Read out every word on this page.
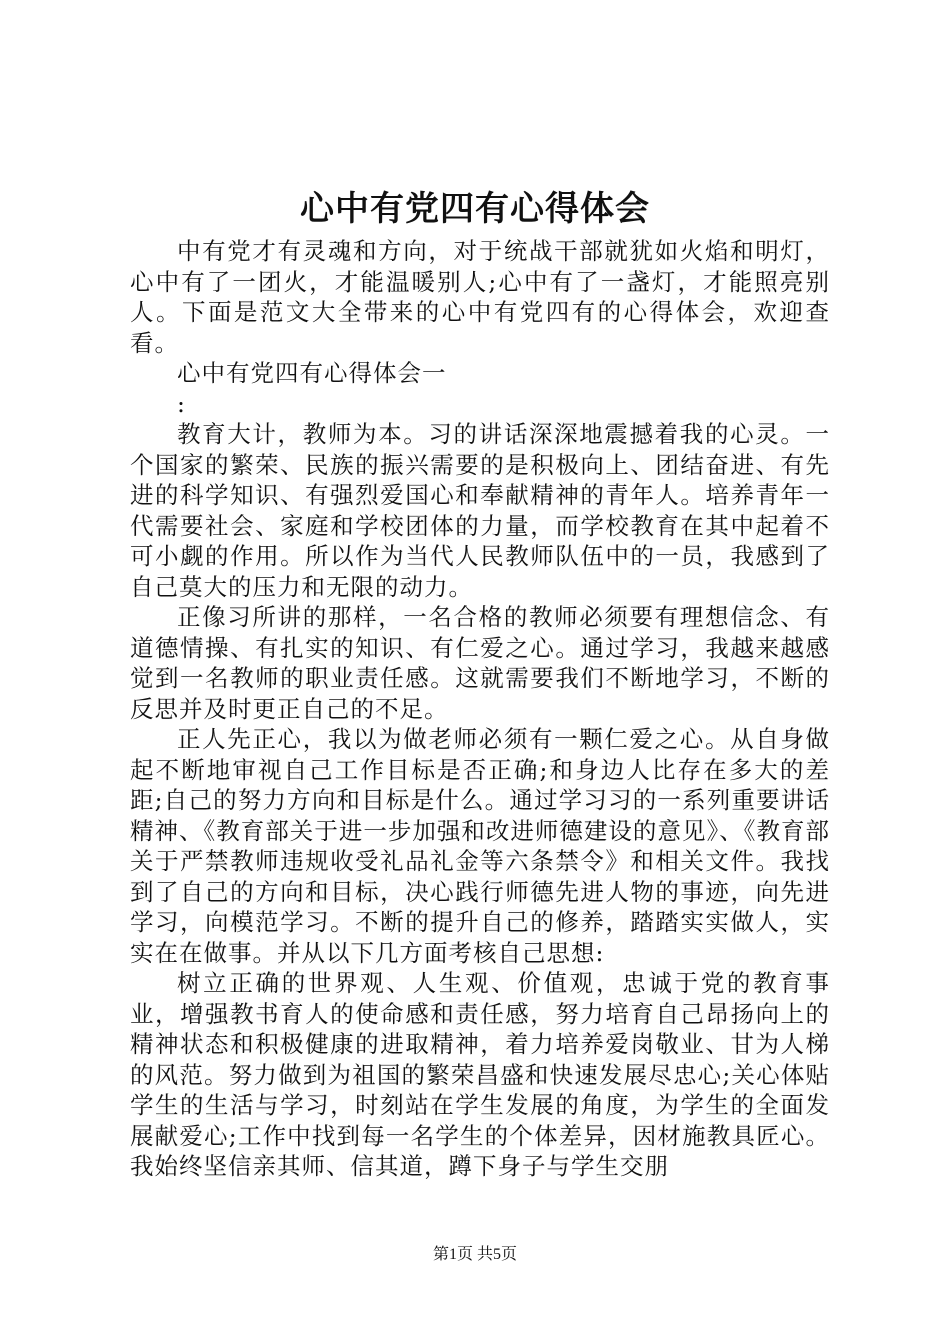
心中有党四有心得体会

中有党才有灵魂和方向，对于统战干部就犹如火焰和明灯，心中有了一团火，才能温暖别人;心中有了一盏灯，才能照亮别人。下面是范文大全带来的心中有党四有的心得体会，欢迎查看。

心中有党四有心得体会一

:

教育大计，教师为本。习的讲话深深地震撼着我的心灵。一个国家的繁荣、民族的振兴需要的是积极向上、团结奋进、有先进的科学知识、有强烈爱国心和奉献精神的青年人。培养青年一代需要社会、家庭和学校团体的力量，而学校教育在其中起着不可小觑的作用。所以作为当代人民教师队伍中的一员，我感到了自己莫大的压力和无限的动力。

正像习所讲的那样，一名合格的教师必须要有理想信念、有道德情操、有扎实的知识、有仁爱之心。通过学习，我越来越感觉到一名教师的职业责任感。这就需要我们不断地学习，不断的反思并及时更正自己的不足。

正人先正心，我以为做老师必须有一颗仁爱之心。从自身做起不断地审视自己工作目标是否正确;和身边人比存在多大的差距;自己的努力方向和目标是什么。通过学习习的一系列重要讲话精神、《教育部关于进一步加强和改进师德建设的意见》、《教育部关于严禁教师违规收受礼品礼金等六条禁令》和相关文件。我找到了自己的方向和目标，决心践行师德先进人物的事迹，向先进学习，向模范学习。不断的提升自己的修养，踏踏实实做人，实实在在做事。并从以下几方面考核自己思想:

树立正确的世界观、人生观、价值观，忠诚于党的教育事业，增强教书育人的使命感和责任感，努力培育自己昂扬向上的精神状态和积极健康的进取精神，着力培养爱岗敬业、甘为人梯的风范。努力做到为祖国的繁荣昌盛和快速发展尽忠心;关心体贴学生的生活与学习，时刻站在学生发展的角度，为学生的全面发展献爱心;工作中找到每一名学生的个体差异，因材施教具匠心。我始终坚信亲其师、信其道，蹲下身子与学生交朋

第1页 共5页
